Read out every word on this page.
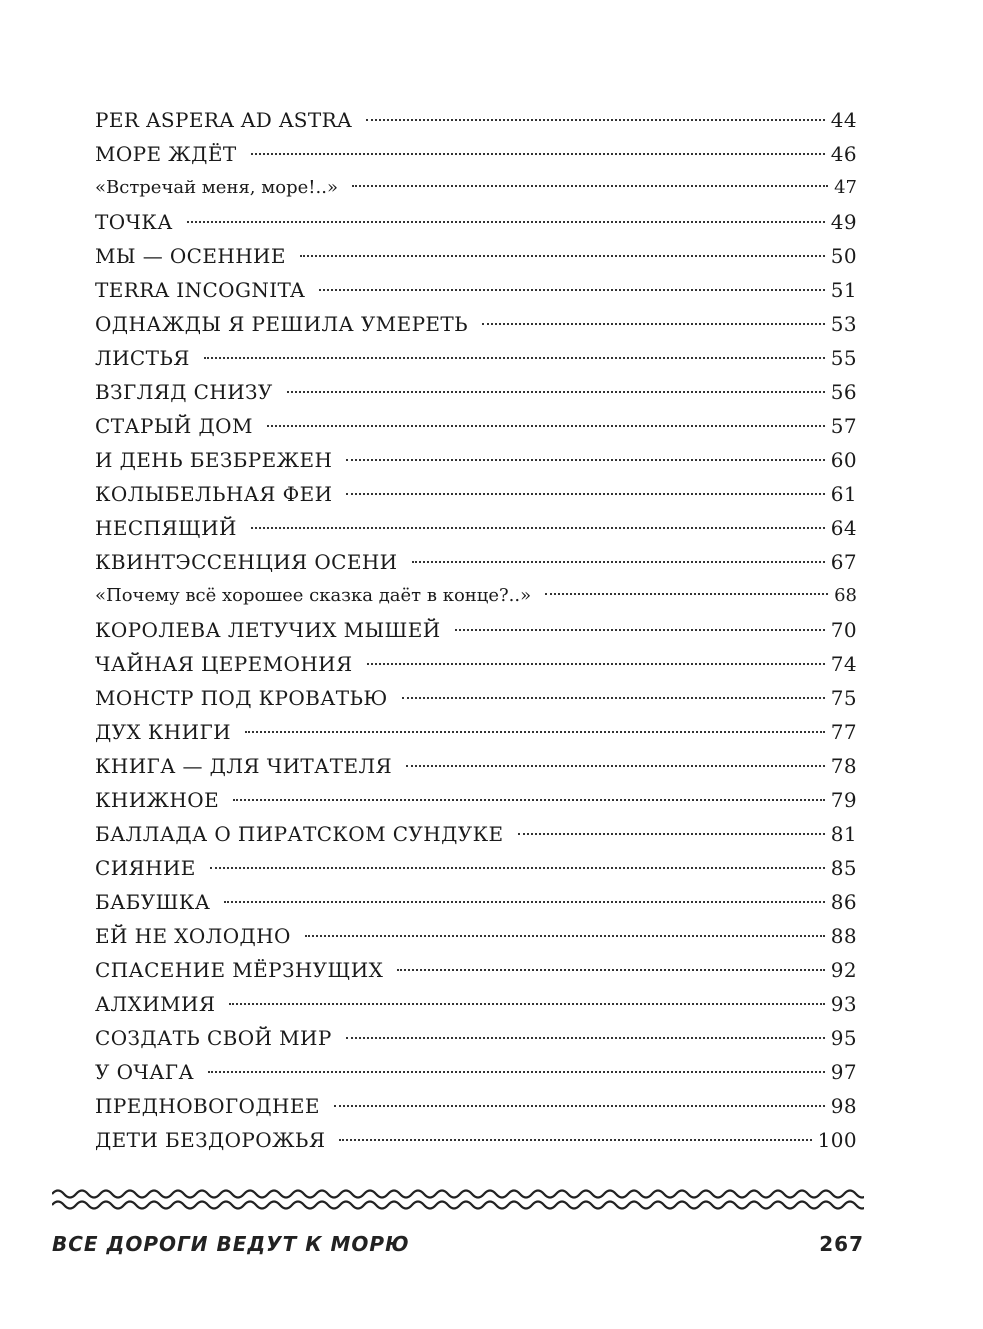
PER ASPERA AD ASTRA	44
МОРЕ ЖДЁТ	46
«Встречай меня, море!..»	47
ТОЧКА	49
МЫ — ОСЕННИЕ	50
TERRA INCOGNITA	51
ОДНАЖДЫ Я РЕШИЛА УМЕРЕТЬ	53
ЛИСТЬЯ	55
ВЗГЛЯД СНИЗУ	56
СТАРЫЙ ДОМ	57
И ДЕНЬ БЕЗБРЕЖЕН	60
КОЛЫБЕЛЬНАЯ ФЕИ	61
НЕСПЯЩИЙ	64
КВИНТЭССЕНЦИЯ ОСЕНИ	67
«Почему всё хорошее сказка даёт в конце?..»	68
КОРОЛЕВА ЛЕТУЧИХ МЫШЕЙ	70
ЧАЙНАЯ ЦЕРЕМОНИЯ	74
МОНСТР ПОД КРОВАТЬЮ	75
ДУХ КНИГИ	77
КНИГА — ДЛЯ ЧИТАТЕЛЯ	78
КНИЖНОЕ	79
БАЛЛАДА О ПИРАТСКОМ СУНДУКЕ	81
СИЯНИЕ	85
БАБУШКА	86
ЕЙ НЕ ХОЛОДНО	88
СПАСЕНИЕ МЁРЗНУЩИХ	92
АЛХИМИЯ	93
СОЗДАТЬ СВОЙ МИР	95
У ОЧАГА	97
ПРЕДНОВОГОДНЕЕ	98
ДЕТИ БЕЗДОРОЖЬЯ	100
ВСЕ ДОРОГИ ВЕДУТ К МОРЮ	267
